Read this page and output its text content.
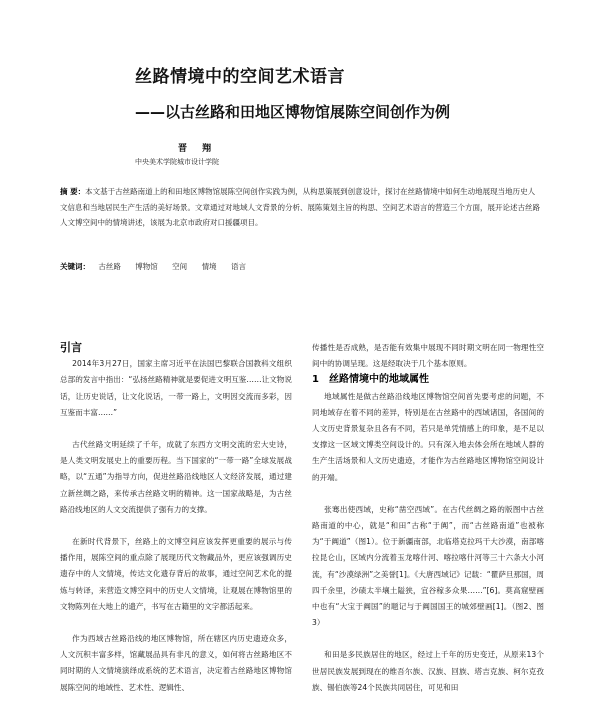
丝路情境中的空间艺术语言
——以古丝路和田地区博物馆展陈空间创作为例
晋 翔
中央美术学院城市设计学院
摘 要：本文基于古丝路南道上的和田地区博物馆展陈空间创作实践为例，从构思策展到创意设计，探讨在丝路情境中如何生动地展现当地历史人文信息和当地居民生产生活的美好场景。文章通过对地域人文背景的分析、展陈策划主旨的构思、空间艺术语言的营造三个方面，展开论述古丝路人文博空间中的情境讲述，该展为北京市政府对口援疆项目。
关键词： 古丝路 博物馆 空间 情境 语言

引言

2014年3月27日，国家主席习近平在法国巴黎联合国教科文组织总部的发言中指出：“弘扬丝路精神就是要促进文明互鉴……让文物说话，让历史说话，让文化说话，一带一路上，文明因交流而多彩，因互鉴而丰富……”

古代丝路文明延续了千年，成就了东西方文明交流的宏大史诗，是人类文明发展史上的重要历程。当下国家的“一带一路”全球发展战略，以“五通”为指导方向，促进丝路沿线地区人文经济发展，通过建立新丝绸之路，来传承古丝路文明的精神。这一国家战略是，为古丝路沿线地区的人文交流提供了强有力的支撑。

在新时代背景下，丝路上的文博空间应该发挥更重要的展示与传播作用，展陈空间的重点除了展现历代文物藏品外，更应该强调历史遗存中的人文情境，传达文化遗存背后的故事，通过空间艺术化的提炼与转译，来营造文博空间中的历史人文情境，让观展在博物馆里的文物陈列在大地上的遗产，书写在古籍里的文字都活起来。

作为西域古丝路沿线的地区博物馆，所在辖区内历史遗迹众多，人文沉积丰富多样，馆藏展品具有非凡的意义，如何将古丝路地区不同时期的人文情境演绎成系统的艺术语言，决定着古丝路地区博物馆展陈空间的地域性、艺术性、逻辑性、

传播性是否成熟，是否能有效集中展现不同时期文明在同一物理性空间中的协调呈现。这是经取决于几个基本原则。

1 丝路情境中的地域属性

地域属性是做古丝路沿线地区博物馆空间首先要考虑的问题，不同地域存在着不同的差异，特别是在古丝路中的西域诸国，各国间的人文历史背景复杂且各有不同，若只是单凭情感上的印象，是不足以支撑这一区域文博类空间设计的。只有深入地去体会所在地域人群的生产生活场景和人文历史遗迹，才能作为古丝路地区博物馆空间设计的开端。

张骞出使西域，史称“凿空西域”。在古代丝绸之路的版图中古丝路南道的中心，就是“和田”古称“于阗”，而“古丝路南道”也被称为“于阗道”（图1）。位于新疆南部，北临塔克拉玛干大沙漠，南部喀拉昆仑山，区域内分流着玉龙喀什河、喀拉喀什河等三十六条大小河流，有“沙漠绿洲”之美誉[1]。《大唐西域记》记载：“瞿萨旦那国，周四千余里，沙碛太半壤土隘狭，宜谷稼多众果……”[6]。莫高窟壁画中也有“大宝于阗国”的题记与于阗国国王的城郊壁画[1]。（图2、图3）

和田是多民族居住的地区，经过上千年的历史变迁，从原来13个世居民族发展到现在的维吾尔族、汉族、回族、塔吉克族、柯尔克孜族、锡伯族等24个民族共同居住，可见和田
